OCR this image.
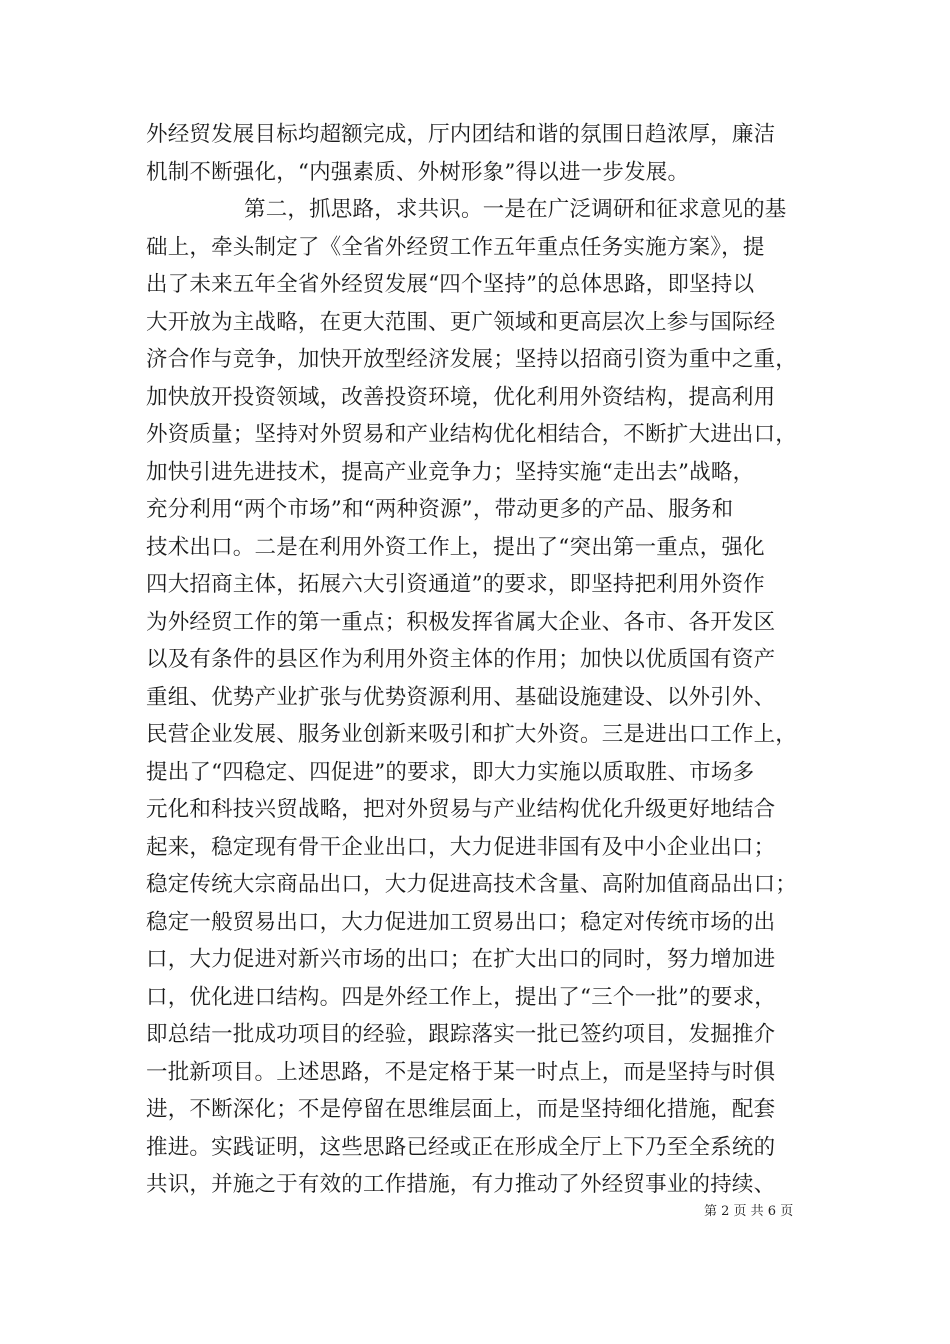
外经贸发展目标均超额完成，厅内团结和谐的氛围日趋浓厚，廉洁
机制不断强化，“内强素质、外树形象”得以进一步发展。
第二，抓思路，求共识。一是在广泛调研和征求意见的基
础上，牵头制定了《全省外经贸工作五年重点任务实施方案》，提
出了未来五年全省外经贸发展“四个坚持”的总体思路，即坚持以
大开放为主战略，在更大范围、更广领域和更高层次上参与国际经
济合作与竞争，加快开放型经济发展；坚持以招商引资为重中之重，
加快放开投资领域，改善投资环境，优化利用外资结构，提高利用
外资质量；坚持对外贸易和产业结构优化相结合，不断扩大进出口，
加快引进先进技术，提高产业竞争力；坚持实施“走出去”战略，
充分利用“两个市场”和“两种资源”，带动更多的产品、服务和
技术出口。二是在利用外资工作上，提出了“突出第一重点，强化
四大招商主体，拓展六大引资通道”的要求，即坚持把利用外资作
为外经贸工作的第一重点；积极发挥省属大企业、各市、各开发区
以及有条件的县区作为利用外资主体的作用；加快以优质国有资产
重组、优势产业扩张与优势资源利用、基础设施建设、以外引外、
民营企业发展、服务业创新来吸引和扩大外资。三是进出口工作上，
提出了“四稳定、四促进”的要求，即大力实施以质取胜、市场多
元化和科技兴贸战略，把对外贸易与产业结构优化升级更好地结合
起来，稳定现有骨干企业出口，大力促进非国有及中小企业出口；
稳定传统大宗商品出口，大力促进高技术含量、高附加值商品出口；
稳定一般贸易出口，大力促进加工贸易出口；稳定对传统市场的出
口，大力促进对新兴市场的出口；在扩大出口的同时，努力增加进
口，优化进口结构。四是外经工作上，提出了“三个一批”的要求，
即总结一批成功项目的经验，跟踪落实一批已签约项目，发掘推介
一批新项目。上述思路，不是定格于某一时点上，而是坚持与时俱
进，不断深化；不是停留在思维层面上，而是坚持细化措施，配套
推进。实践证明，这些思路已经或正在形成全厅上下乃至全系统的
共识，并施之于有效的工作措施，有力推动了外经贸事业的持续、
第 2 页 共 6 页
